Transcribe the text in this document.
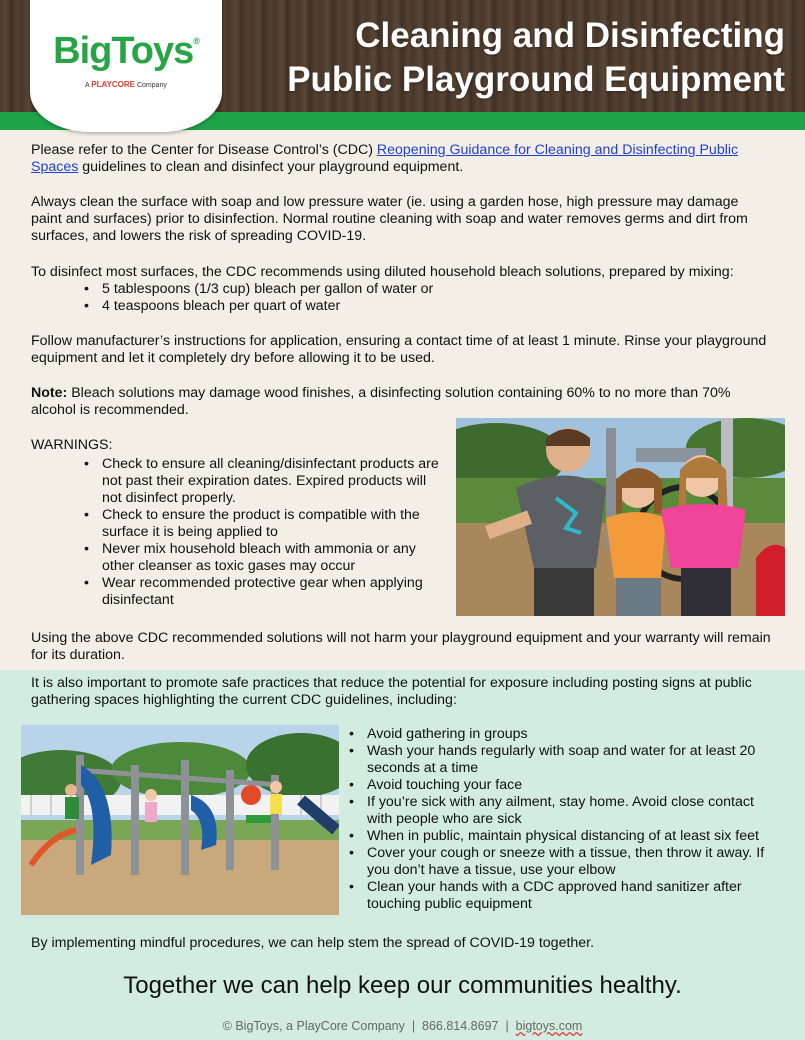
Cleaning and Disinfecting
Public Playground Equipment
BigToys®
A PLAYCORE Company
Please refer to the Center for Disease Control’s (CDC) Reopening Guidance for Cleaning and Disinfecting Public Spaces guidelines to clean and disinfect your playground equipment.
Always clean the surface with soap and low pressure water (ie. using a garden hose, high pressure may damage paint and surfaces) prior to disinfection. Normal routine cleaning with soap and water removes germs and dirt from surfaces, and lowers the risk of spreading COVID-19.
To disinfect most surfaces, the CDC recommends using diluted household bleach solutions, prepared by mixing:
• 5 tablespoons (1/3 cup) bleach per gallon of water or
• 4 teaspoons bleach per quart of water
Follow manufacturer’s instructions for application, ensuring a contact time of at least 1 minute. Rinse your playground equipment and let it completely dry before allowing it to be used.
Note: Bleach solutions may damage wood finishes, a disinfecting solution containing 60% to no more than 70% alcohol is recommended.
WARNINGS:
• Check to ensure all cleaning/disinfectant products are not past their expiration dates. Expired products will not disinfect properly.
• Check to ensure the product is compatible with the surface it is being applied to
• Never mix household bleach with ammonia or any other cleanser as toxic gases may occur
• Wear recommended protective gear when applying disinfectant
Using the above CDC recommended solutions will not harm your playground equipment and your warranty will remain for its duration.
It is also important to promote safe practices that reduce the potential for exposure including posting signs at public gathering spaces highlighting the current CDC guidelines, including:
• Avoid gathering in groups
• Wash your hands regularly with soap and water for at least 20 seconds at a time
• Avoid touching your face
• If you’re sick with any ailment, stay home. Avoid close contact with people who are sick
• When in public, maintain physical distancing of at least six feet
• Cover your cough or sneeze with a tissue, then throw it away. If you don’t have a tissue, use your elbow
• Clean your hands with a CDC approved hand sanitizer after touching public equipment
By implementing mindful procedures, we can help stem the spread of COVID-19 together.
Together we can help keep our communities healthy.
© BigToys, a PlayCore Company | 866.814.8697 | bigtoys.com
